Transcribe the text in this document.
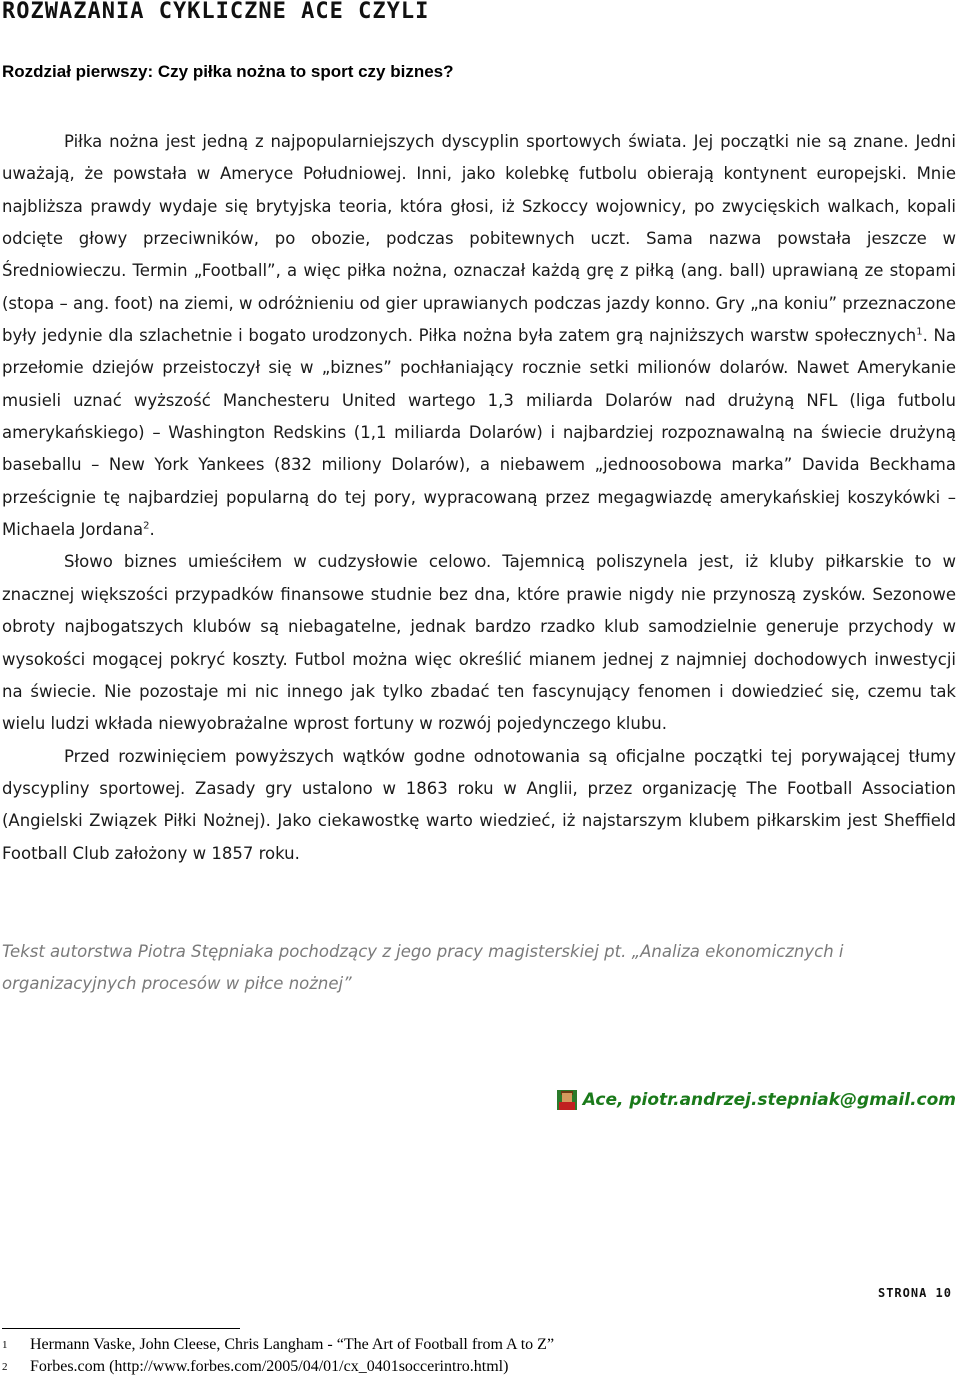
ROZWAŻANIA CYKLICZNE ACE CZYLI
Rozdział pierwszy: Czy piłka nożna to sport czy biznes?

Piłka nożna jest jedną z najpopularniejszych dyscyplin sportowych świata. Jej początki nie są znane. Jedni uważają, że powstała w Ameryce Południowej. Inni, jako kolebkę futbolu obierają kontynent europejski. Mnie najbliższa prawdy wydaje się brytyjska teoria, która głosi, iż Szkoccy wojownicy, po zwycięskich walkach, kopali odcięte głowy przeciwników, po obozie, podczas pobitewnych uczt. Sama nazwa powstała jeszcze w Średniowieczu. Termin „Football”, a więc piłka nożna, oznaczał każdą grę z piłką (ang. ball) uprawianą ze stopami (stopa – ang. foot) na ziemi, w odróżnieniu od gier uprawianych podczas jazdy konno. Gry „na koniu” przeznaczone były jedynie dla szlachetnie i bogato urodzonych. Piłka nożna była zatem grą najniższych warstw społecznych$^1$. Na przełomie dziejów przeistoczył się w „biznes” pochłaniający rocznie setki milionów dolarów. Nawet Amerykanie musieli uznać wyższość Manchesteru United wartego 1,3 miliarda Dolarów nad drużyną NFL (liga futbolu amerykańskiego) – Washington Redskins (1,1 miliarda Dolarów) i najbardziej rozpoznawalną na świecie drużyną baseballu – New York Yankees (832 miliony Dolarów), a niebawem „jednoosobowa marka” Davida Beckhama prześcignie tę najbardziej popularną do tej pory, wypracowaną przez megagwiazdę amerykańskiej koszykówki – Michaela Jordana$^2$.

Słowo biznes umieściłem w cudzysłowie celowo. Tajemnicą poliszynela jest, iż kluby piłkarskie to w znacznej większości przypadków finansowe studnie bez dna, które prawie nigdy nie przynoszą zysków. Sezonowe obroty najbogatszych klubów są niebagatelne, jednak bardzo rzadko klub samodzielnie generuje przychody w wysokości mogącej pokryć koszty. Futbol można więc określić mianem jednej z najmniej dochodowych inwestycji na świecie. Nie pozostaje mi nic innego jak tylko zbadać ten fascynujący fenomen i dowiedzieć się, czemu tak wielu ludzi wkłada niewyobrażalne wprost fortuny w rozwój pojedynczego klubu.

Przed rozwinięciem powyższych wątków godne odnotowania są oficjalne początki tej porywającej tłumy dyscypliny sportowej. Zasady gry ustalono w 1863 roku w Anglii, przez organizację The Football Association (Angielski Związek Piłki Nożnej). Jako ciekawostkę warto wiedzieć, iż najstarszym klubem piłkarskim jest Sheffield Football Club założony w 1857 roku.

Tekst autorstwa Piotra Stępniaka pochodzący z jego pracy magisterskiej pt. „Analiza ekonomicznych i organizacyjnych procesów w piłce nożnej”
Ace, piotr.andrzej.stepniak@gmail.com
STRONA 10
1	Hermann Vaske, John Cleese, Chris Langham - “The Art of Football from A to Z”
2	Forbes.com (http://www.forbes.com/2005/04/01/cx_0401soccerintro.html)
